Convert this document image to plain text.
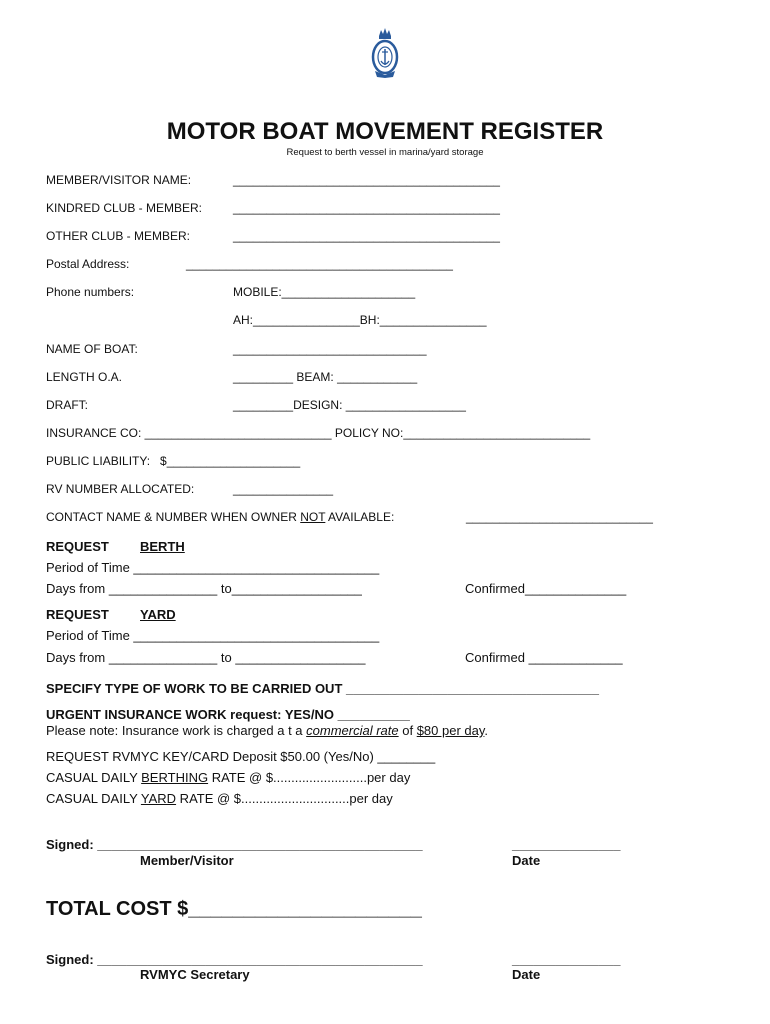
MOTOR BOAT MOVEMENT REGISTER
Request to berth vessel in marina/yard storage
MEMBER/VISITOR NAME:	________________________________________
KINDRED CLUB - MEMBER:	________________________________________
OTHER CLUB - MEMBER:	________________________________________
Postal Address:	________________________________________
Phone numbers:	MOBILE:____________________
AH:________________BH:________________
NAME OF BOAT:	_____________________________
LENGTH O.A.	_________ BEAM: ____________
DRAFT:	_________DESIGN: __________________
INSURANCE CO: ____________________________ POLICY NO:____________________________
PUBLIC LIABILITY:   $____________________
RV NUMBER ALLOCATED:	_______________
CONTACT NAME & NUMBER WHEN OWNER NOT AVAILABLE:	____________________________
REQUEST BERTH
Period of Time __________________________________
Days from _______________ to__________________	Confirmed______________
REQUEST YARD
Period of Time __________________________________
Days from _______________ to __________________	Confirmed _____________
SPECIFY TYPE OF WORK TO BE CARRIED OUT ___________________________________
URGENT INSURANCE WORK request: YES/NO __________
Please note: Insurance work is charged a t a commercial rate of $80 per day.
REQUEST RVMYC KEY/CARD Deposit $50.00 (Yes/No) ________
CASUAL DAILY BERTHING RATE @ $..........................per day
CASUAL DAILY YARD RATE @ $..............................per day
Signed: _____________________________________________
Member/Visitor
_______________
Date
TOTAL COST $_____________________
Signed: _____________________________________________
RVMYC Secretary
_______________
Date
